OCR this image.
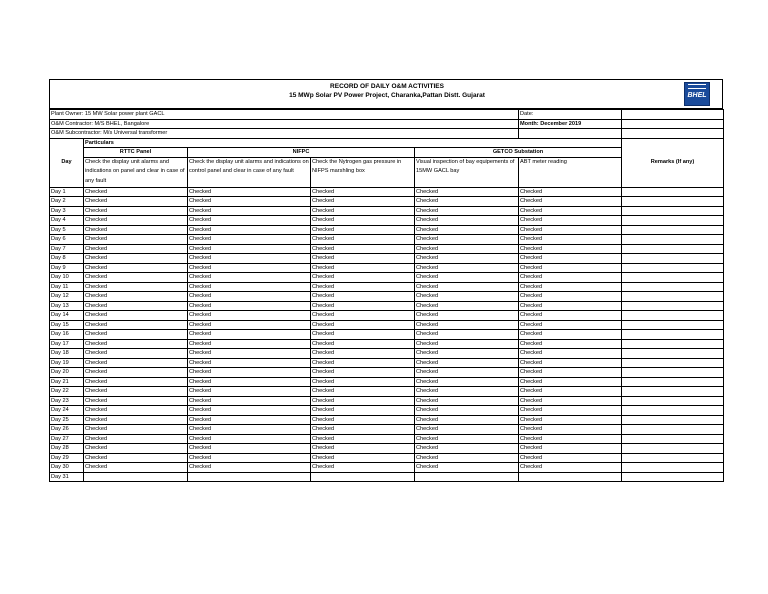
RECORD OF DAILY O&M ACTIVITIES
15 MWp Solar PV Power Project, Charanka,Pattan Distt. Gujarat	BHEL
Plant Owner: 15 MW Solar power plant GACL					Date:	
O&M Contractor: M/S BHEL, Bangalore					Month: December 2019	
O&M Subcontractor: M/s Universal transformer						
Day	Particulars					Remarks (If any)
	RTTC Panel	NIFPC		GETCO Substation		
	Check the display unit alarms and indications on panel and clear in case of any fault	Check the display unit alarms and indications on control panel and clear in case of any fault	Check the Nytrogen gas pressure in NIFPS marshling box	Visual inspection of bay equipements of 15MW GACL bay	ABT meter reading	
Day 1	Checked	Checked	Checked	Checked	Checked	
Day 2	Checked	Checked	Checked	Checked	Checked	
Day 3	Checked	Checked	Checked	Checked	Checked	
Day 4	Checked	Checked	Checked	Checked	Checked	
Day 5	Checked	Checked	Checked	Checked	Checked	
Day 6	Checked	Checked	Checked	Checked	Checked	
Day 7	Checked	Checked	Checked	Checked	Checked	
Day 8	Checked	Checked	Checked	Checked	Checked	
Day 9	Checked	Checked	Checked	Checked	Checked	
Day 10	Checked	Checked	Checked	Checked	Checked	
Day 11	Checked	Checked	Checked	Checked	Checked	
Day 12	Checked	Checked	Checked	Checked	Checked	
Day 13	Checked	Checked	Checked	Checked	Checked	
Day 14	Checked	Checked	Checked	Checked	Checked	
Day 15	Checked	Checked	Checked	Checked	Checked	
Day 16	Checked	Checked	Checked	Checked	Checked	
Day 17	Checked	Checked	Checked	Checked	Checked	
Day 18	Checked	Checked	Checked	Checked	Checked	
Day 19	Checked	Checked	Checked	Checked	Checked	
Day 20	Checked	Checked	Checked	Checked	Checked	
Day 21	Checked	Checked	Checked	Checked	Checked	
Day 22	Checked	Checked	Checked	Checked	Checked	
Day 23	Checked	Checked	Checked	Checked	Checked	
Day 24	Checked	Checked	Checked	Checked	Checked	
Day 25	Checked	Checked	Checked	Checked	Checked	
Day 26	Checked	Checked	Checked	Checked	Checked	
Day 27	Checked	Checked	Checked	Checked	Checked	
Day 28	Checked	Checked	Checked	Checked	Checked	
Day 29	Checked	Checked	Checked	Checked	Checked	
Day 30	Checked	Checked	Checked	Checked	Checked	
Day 31						
